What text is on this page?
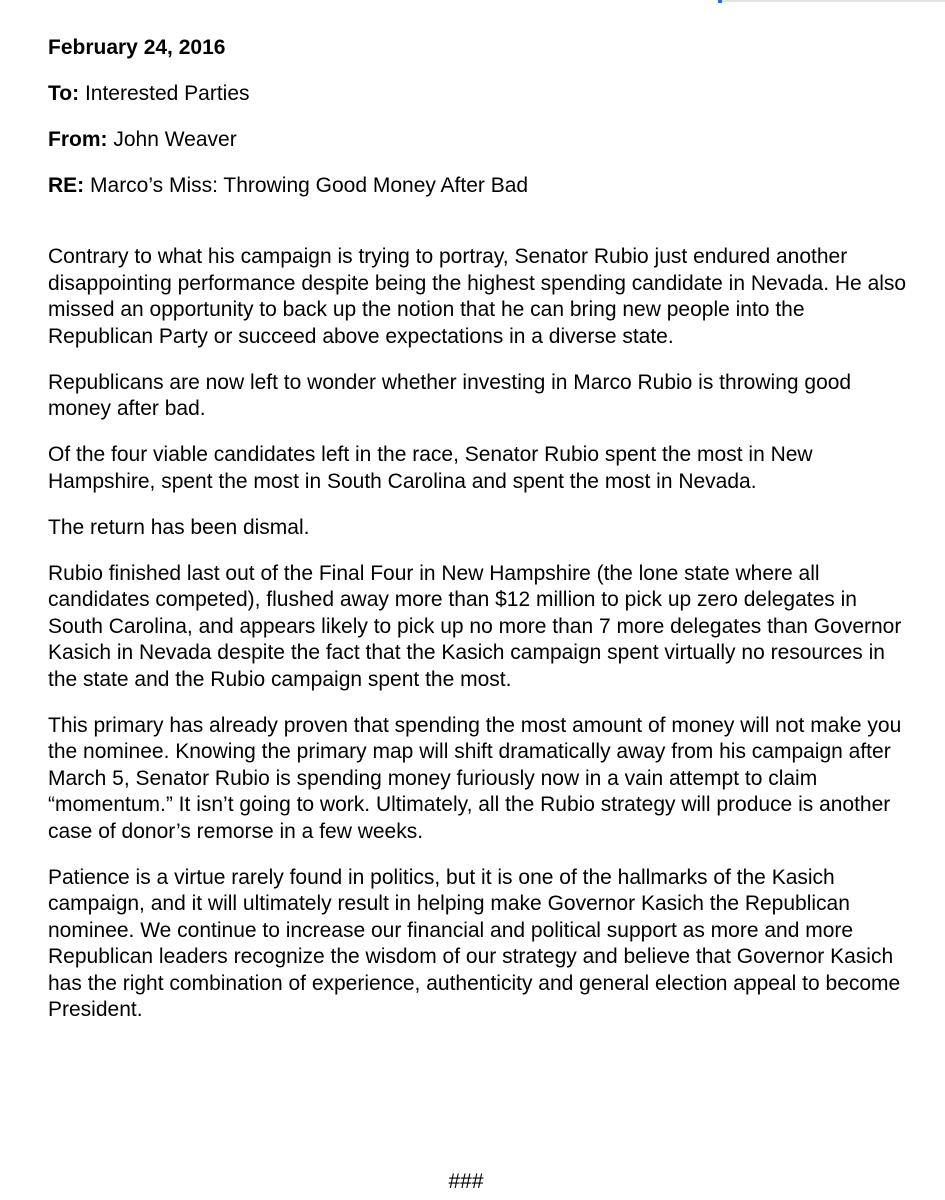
February 24, 2016
To: Interested Parties
From: John Weaver
RE: Marco’s Miss: Throwing Good Money After Bad

Contrary to what his campaign is trying to portray, Senator Rubio just endured another disappointing performance despite being the highest spending candidate in Nevada. He also missed an opportunity to back up the notion that he can bring new people into the Republican Party or succeed above expectations in a diverse state.

Republicans are now left to wonder whether investing in Marco Rubio is throwing good money after bad.

Of the four viable candidates left in the race, Senator Rubio spent the most in New Hampshire, spent the most in South Carolina and spent the most in Nevada.

The return has been dismal.

Rubio finished last out of the Final Four in New Hampshire (the lone state where all candidates competed), flushed away more than $12 million to pick up zero delegates in South Carolina, and appears likely to pick up no more than 7 more delegates than Governor Kasich in Nevada despite the fact that the Kasich campaign spent virtually no resources in the state and the Rubio campaign spent the most.

This primary has already proven that spending the most amount of money will not make you the nominee. Knowing the primary map will shift dramatically away from his campaign after March 5, Senator Rubio is spending money furiously now in a vain attempt to claim “momentum.” It isn’t going to work. Ultimately, all the Rubio strategy will produce is another case of donor’s remorse in a few weeks.

Patience is a virtue rarely found in politics, but it is one of the hallmarks of the Kasich campaign, and it will ultimately result in helping make Governor Kasich the Republican nominee. We continue to increase our financial and political support as more and more Republican leaders recognize the wisdom of our strategy and believe that Governor Kasich has the right combination of experience, authenticity and general election appeal to become President.

###
